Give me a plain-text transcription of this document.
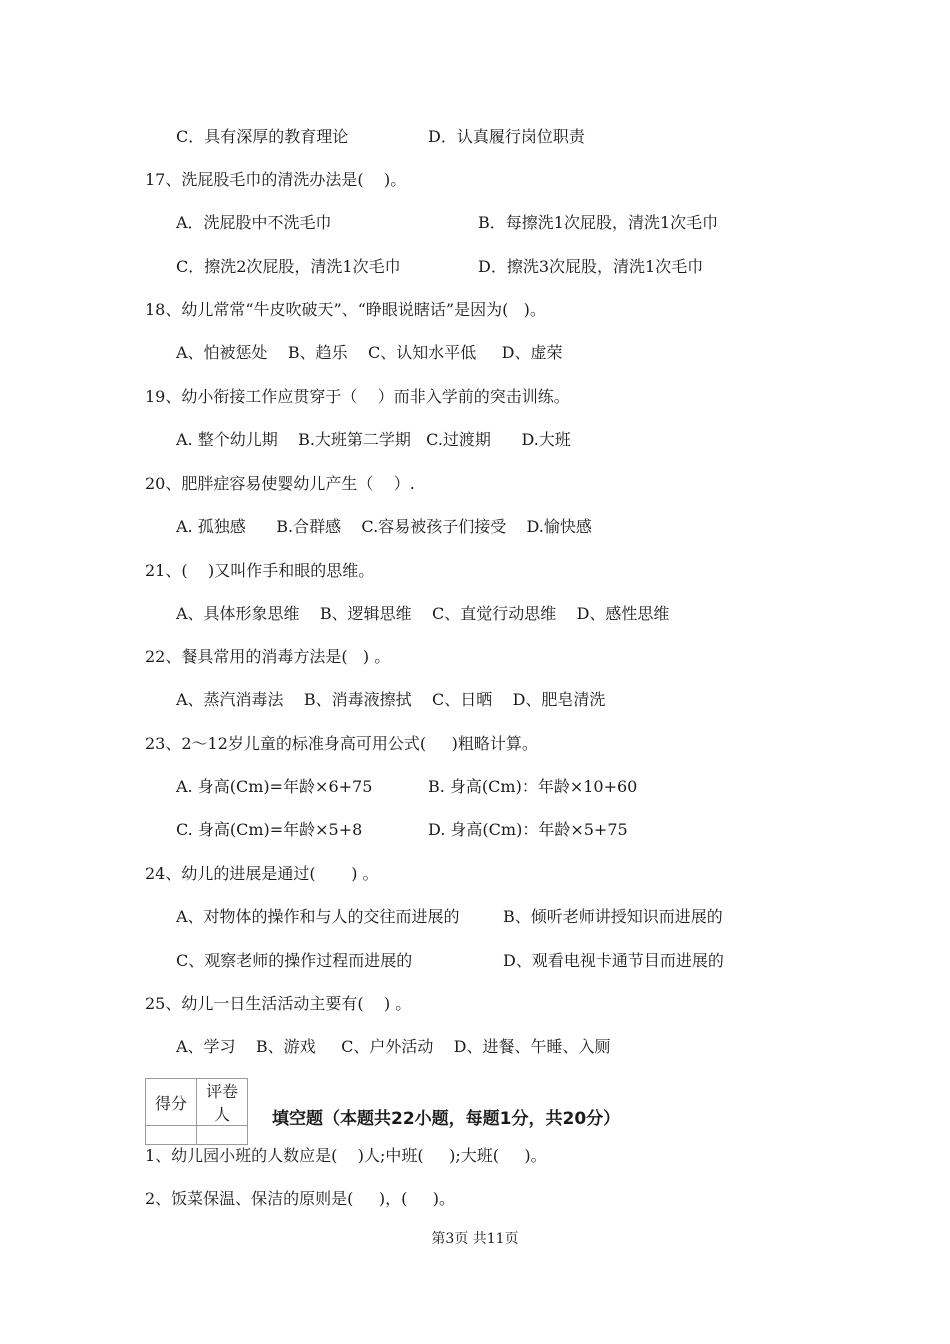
C．具有深厚的教育理论	D．认真履行岗位职责
17、洗屁股毛巾的清洗办法是(    )。
A．洗屁股中不洗毛巾	B．每擦洗1次屁股，清洗1次毛巾
C．擦洗2次屁股，清洗1次毛巾	D．擦洗3次屁股，清洗1次毛巾
18、幼儿常常“牛皮吹破天”、“睁眼说瞎话”是因为(   )。
A、怕被惩处    B、趋乐    C、认知水平低     D、虚荣
19、幼小衔接工作应贯穿于（    ）而非入学前的突击训练。
A. 整个幼儿期    B.大班第二学期   C.过渡期      D.大班
20、肥胖症容易使婴幼儿产生（    ）.
A. 孤独感      B.合群感    C.容易被孩子们接受    D.愉快感
21、(    )又叫作手和眼的思维。
A、具体形象思维    B、逻辑思维    C、直觉行动思维    D、感性思维
22、餐具常用的消毒方法是(   ) 。
A、蒸汽消毒法    B、消毒液擦拭    C、日晒    D、肥皂清洗
23、2～12岁儿童的标准身高可用公式(     )粗略计算。
A. 身高(Cm)=年龄×6+75	B. 身高(Cm)：年龄×10+60
C. 身高(Cm)=年龄×5+8	D. 身高(Cm)：年龄×5+75
24、幼儿的进展是通过(       ) 。
A、对物体的操作和与人的交往而进展的	B、倾听老师讲授知识而进展的
C、观察老师的操作过程而进展的	D、观看电视卡通节目而进展的
25、幼儿一日生活活动主要有(    ) 。
A、学习    B、游戏     C、户外活动    D、进餐、午睡、入厕
1、幼儿园小班的人数应是(    )人;中班(     );大班(     )。
2、饭菜保温、保洁的原则是(     )，(     )。
得分	评卷人
	填空题（本题共22小题，每题1分，共20分）
第3页 共11页
